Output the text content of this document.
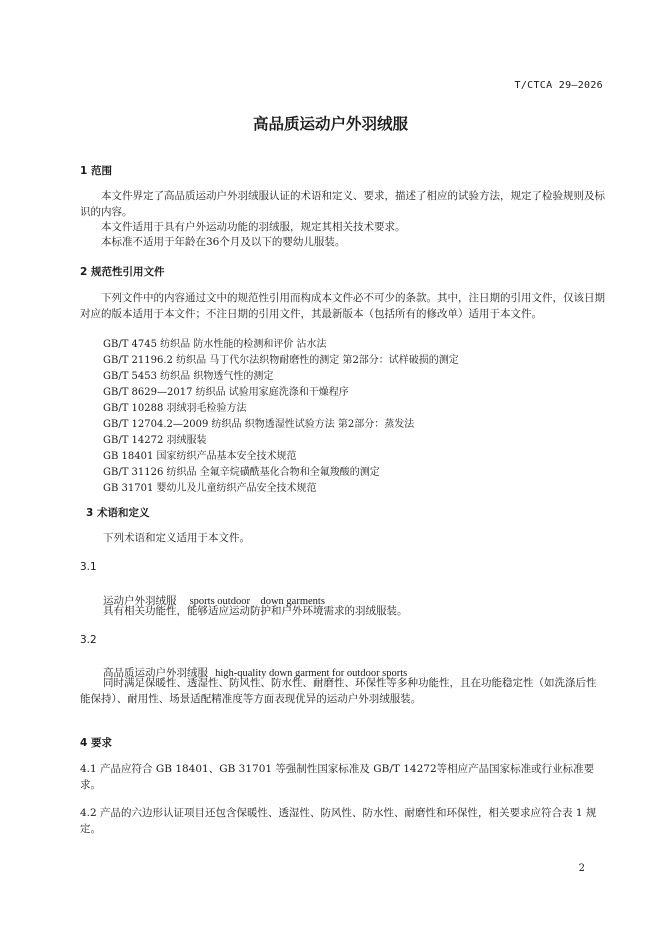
T/CTCA 29—2026
高品质运动户外羽绒服
1 范围
本文件界定了高品质运动户外羽绒服认证的术语和定义、要求，描述了相应的试验方法，规定了检验规则及标识的内容。
本文件适用于具有户外运动功能的羽绒服，规定其相关技术要求。
本标准不适用于年龄在36个月及以下的婴幼儿服装。
2 规范性引用文件
下列文件中的内容通过文中的规范性引用而构成本文件必不可少的条款。其中，注日期的引用文件，仅该日期对应的版本适用于本文件；不注日期的引用文件，其最新版本（包括所有的修改单）适用于本文件。
GB/T 4745 纺织品 防水性能的检测和评价 沾水法
GB/T 21196.2 纺织品 马丁代尔法织物耐磨性的测定 第2部分：试样破损的测定
GB/T 5453 纺织品 织物透气性的测定
GB/T 8629—2017 纺织品 试验用家庭洗涤和干燥程序
GB/T 10288 羽绒羽毛检验方法
GB/T 12704.2—2009 纺织品 织物透湿性试验方法 第2部分：蒸发法
GB/T 14272 羽绒服装
GB 18401 国家纺织产品基本安全技术规范
GB/T 31126 纺织品 全氟辛烷磺酰基化合物和全氟羧酸的测定
GB 31701 婴幼儿及儿童纺织产品安全技术规范
3 术语和定义
下列术语和定义适用于本文件。
3.1
运动户外羽绒服 sports outdoor    down garments
具有相关功能性，能够适应运动防护和户外环境需求的羽绒服装。
3.2
高品质运动户外羽绒服 high-quality down garment for outdoor sports
同时满足保暖性、透湿性、防风性、防水性、耐磨性、环保性等多种功能性，且在功能稳定性（如洗涤后性能保持）、耐用性、场景适配精准度等方面表现优异的运动户外羽绒服装。
4 要求
4.1 产品应符合 GB 18401、GB 31701 等强制性国家标准及 GB/T 14272等相应产品国家标准或行业标准要求。
4.2 产品的六边形认证项目还包含保暖性、透湿性、防风性、防水性、耐磨性和环保性，相关要求应符合表 1 规定。
2
